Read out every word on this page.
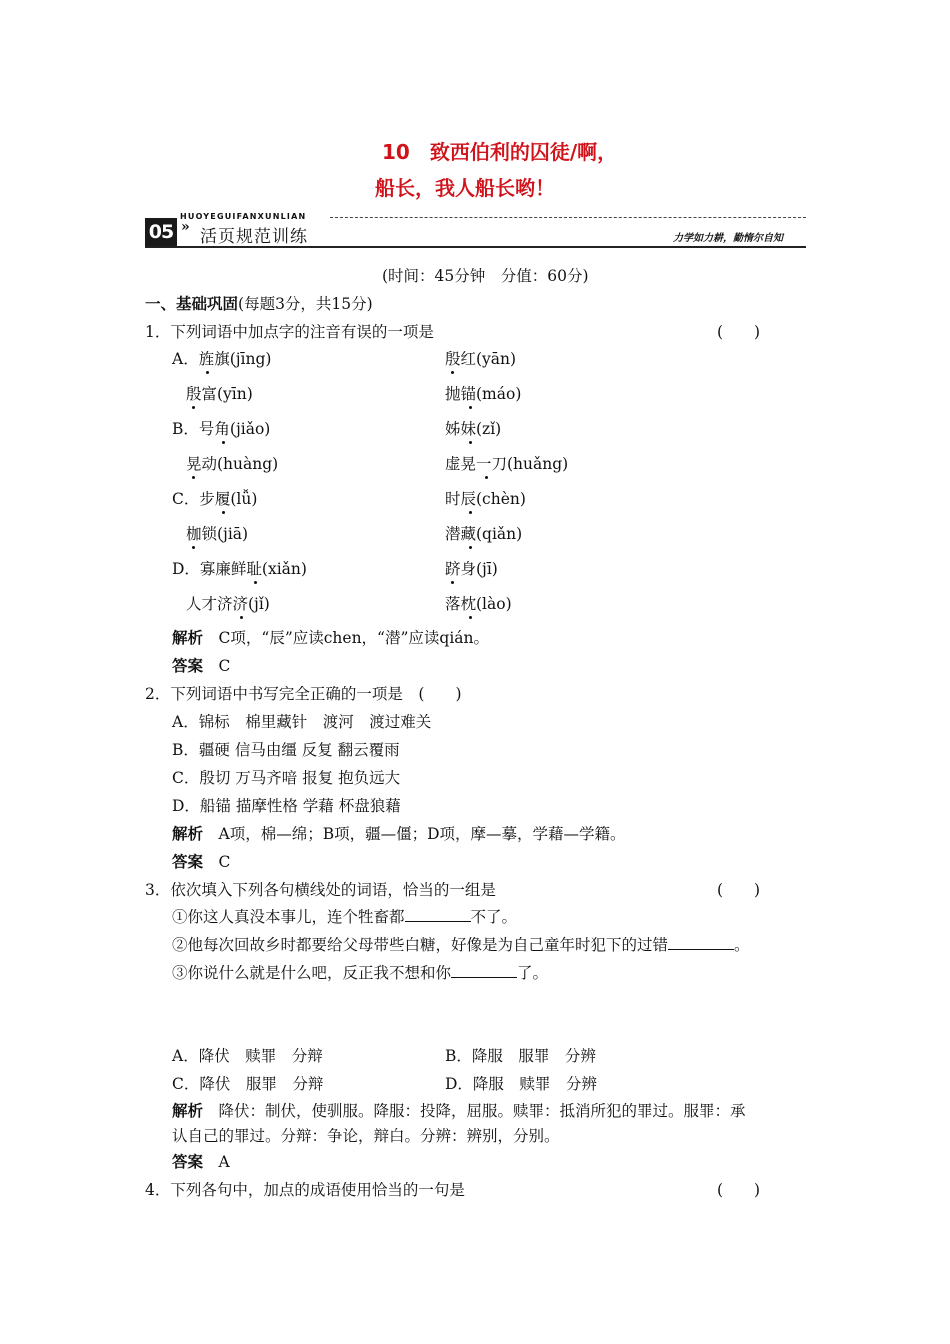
10　致西伯利的囚徒/啊，
船长，我人船长哟！
HUOYEGUIFANXUNLIAN
05 » 活页规范训练	力学如力耕，勤惰尔自知
(时间：45分钟　分值：60分)
一、基础巩固(每题3分，共15分)
1．下列词语中加点字的注音有误的一项是	(　　)
A．旌旗(jīng)	殷红(yān)
殷富(yīn)	抛锚(máo)
B．号角(jiǎo)	姊妹(zǐ)
晃动(huàng)	虚晃一刀(huǎng)
C．步履(lǚ)	时辰(chèn)
枷锁(jiā)	潜藏(qiǎn)
D．寡廉鲜耻(xiǎn)	跻身(jī)
人才济济(jǐ)	落枕(lào)
解析　 C项，“辰”应读chen，“潜”应读qián。
答案　 C
2．下列词语中书写完全正确的一项是　 (　　)
A．锦标　棉里藏针　渡河　渡过难关
B．疆硬 信马由缰 反复 翻云覆雨
C．殷切 万马齐喑 报复 抱负远大
D．船锚 描摩性格 学藉 杯盘狼藉
解析　 A项，棉—绵；B项，疆—僵；D项，摩—摹，学藉—学籍。
答案　 C
3．依次填入下列各句横线处的词语，恰当的一组是	(　　)
①你这人真没本事儿，连个牲畜都	不了。
②他每次回故乡时都要给父母带些白糖，好像是为自己童年时犯下的过错	。
③你说什么就是什么吧，反正我不想和你	了。
A．降伏　赎罪　分辩	B．降服　服罪　分辨
C．降伏　服罪　分辩	D．降服　赎罪　分辨
解析　 降伏：制伏，使驯服。降服：投降，屈服。赎罪：抵消所犯的罪过。服罪：承
认自己的罪过。分辩：争论，辩白。分辨：辨别，分别。
答案　 A
4．下列各句中，加点的成语使用恰当的一句是	(　　)
